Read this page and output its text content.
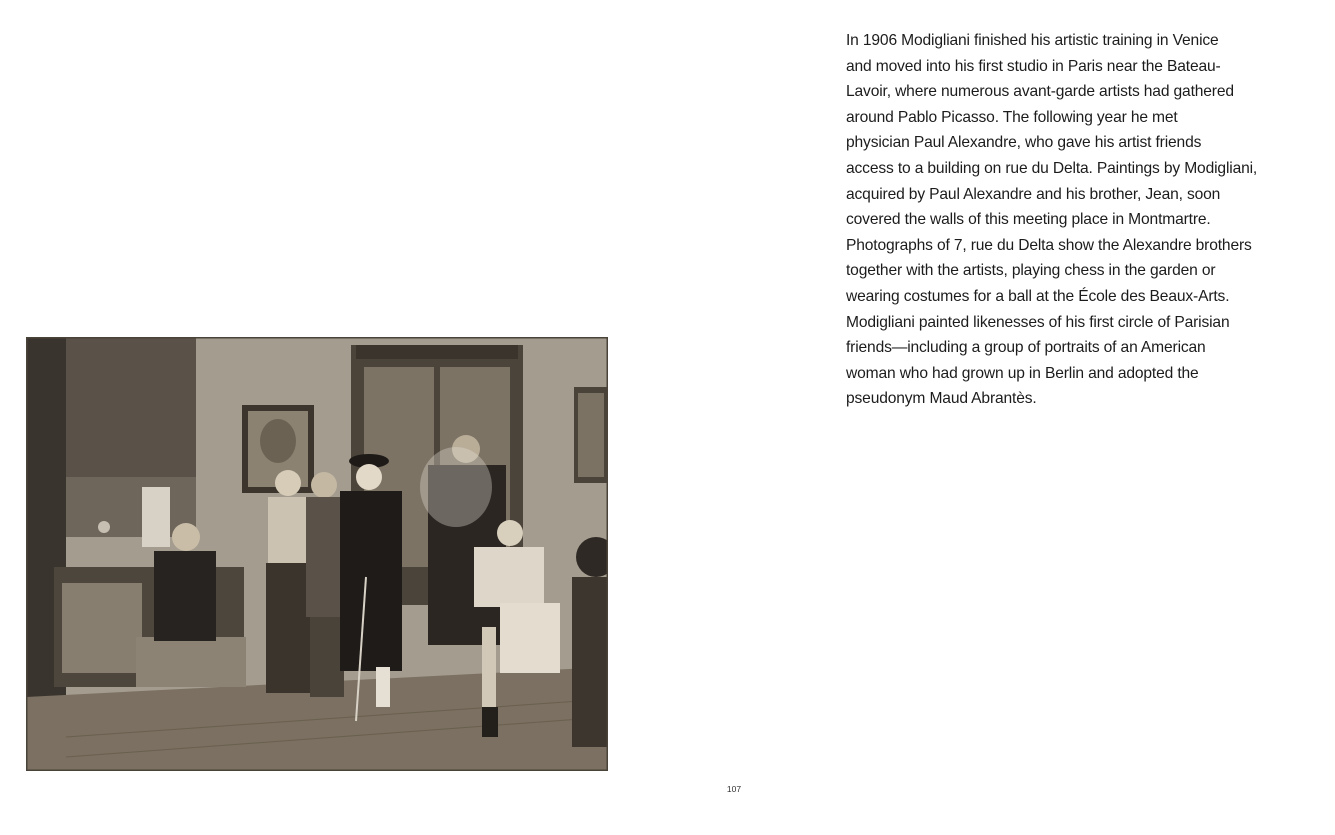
In 1906 Modigliani finished his artistic training in Venice
and moved into his first studio in Paris near the Bateau-
Lavoir, where numerous avant-garde artists had gathered
around Pablo Picasso. The following year he met
physician Paul Alexandre, who gave his artist friends
access to a building on rue du Delta. Paintings by Modigliani,
acquired by Paul Alexandre and his brother, Jean, soon
covered the walls of this meeting place in Montmartre.
Photographs of 7, rue du Delta show the Alexandre brothers
together with the artists, playing chess in the garden or
wearing costumes for a ball at the École des Beaux-Arts.
Modigliani painted likenesses of his first circle of Parisian
friends—including a group of portraits of an American
woman who had grown up in Berlin and adopted the
pseudonym Maud Abrantès.

107
